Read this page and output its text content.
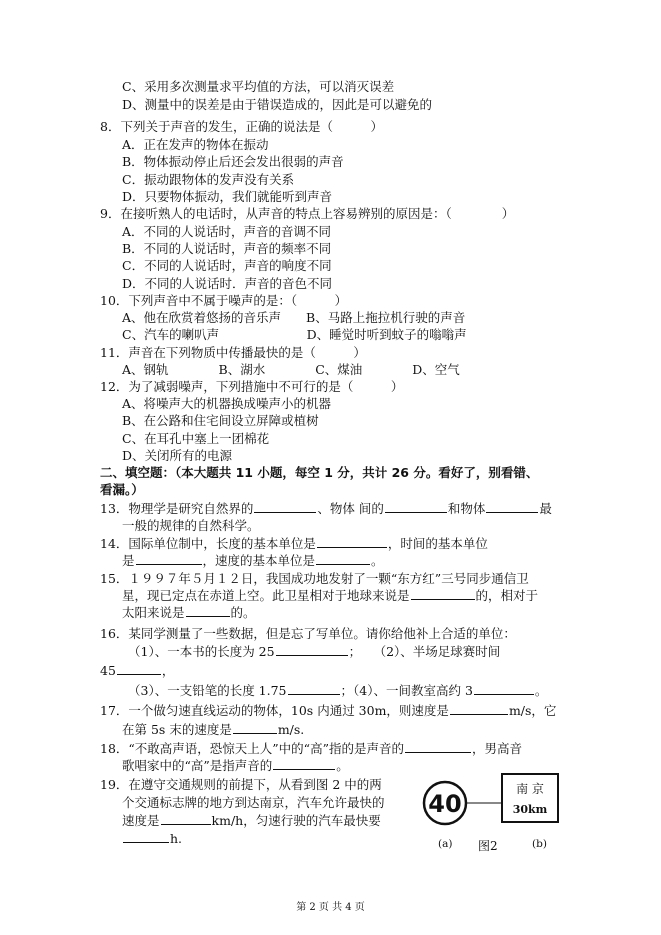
C、采用多次测量求平均值的方法，可以消灭误差
D、测量中的误差是由于错误造成的，因此是可以避免的
8．下列关于声音的发生，正确的说法是（　　　）
A．正在发声的物体在振动
B．物体振动停止后还会发出很弱的声音
C．振动跟物体的发声没有关系
D．只要物体振动，我们就能听到声音
9．在接听熟人的电话时，从声音的特点上容易辨别的原因是：（　　　　）
A．不同的人说话时，声音的音调不同
B．不同的人说话时，声音的频率不同
C．不同的人说话时，声音的响度不同
D．不同的人说话时．声音的音色不同
10．下列声音中不属于噪声的是：（　　　）
A、他在欣赏着悠扬的音乐声　　B、马路上拖拉机行驶的声音
C、汽车的喇叭声　　　　　　　D、睡觉时听到蚊子的嗡嗡声
11．声音在下列物质中传播最快的是（　　　）
A、钢轨　　　　B、湖水　　　　C、煤油　　　　D、空气
12．为了减弱噪声，下列措施中不可行的是（　　　）
A、将噪声大的机器换成噪声小的机器
B、在公路和住宅间设立屏障或植树
C、在耳孔中塞上一团棉花
D、关闭所有的电源
二、填空题：（本大题共 11 小题，每空 1 分，共计 26 分。看好了，别看错、
看漏。）
13．物理学是研究自然界的	、物体 间的	和物体	最
一般的规律的自然科学。
14．国际单位制中，长度的基本单位是	，时间的基本单位
是	，速度的基本单位是	。
15．１９９７年５月１２日，我国成功地发射了一颗“东方红”三号同步通信卫
星，现已定点在赤道上空。此卫星相对于地球来说是	的，相对于
太阳来说是	的。
16．某同学测量了一些数据，但是忘了写单位。请你给他补上合适的单位：
（1）、一本书的长度为 25	；　　（2）、半场足球赛时间
45	，
（3）、一支铅笔的长度 1.75	；（4）、一间教室高约 3	。
17．一个做匀速直线运动的物体，10s 内通过 30m，则速度是	m/s，它
在第 5s 末的速度是	m/s.
18．“不敢高声语，恐惊天上人”中的“高”指的是声音的	，男高音
歌唱家中的“高”是指声音的	。
19．在遵守交通规则的前提下，从看到图 2 中的两
个交通标志牌的地方到达南京，汽车允许最快的
速度是	km/h，匀速行驶的汽车最快要
h.
40
南 京
30km
(a) 图2	(b)
第 2 页 共 4 页
